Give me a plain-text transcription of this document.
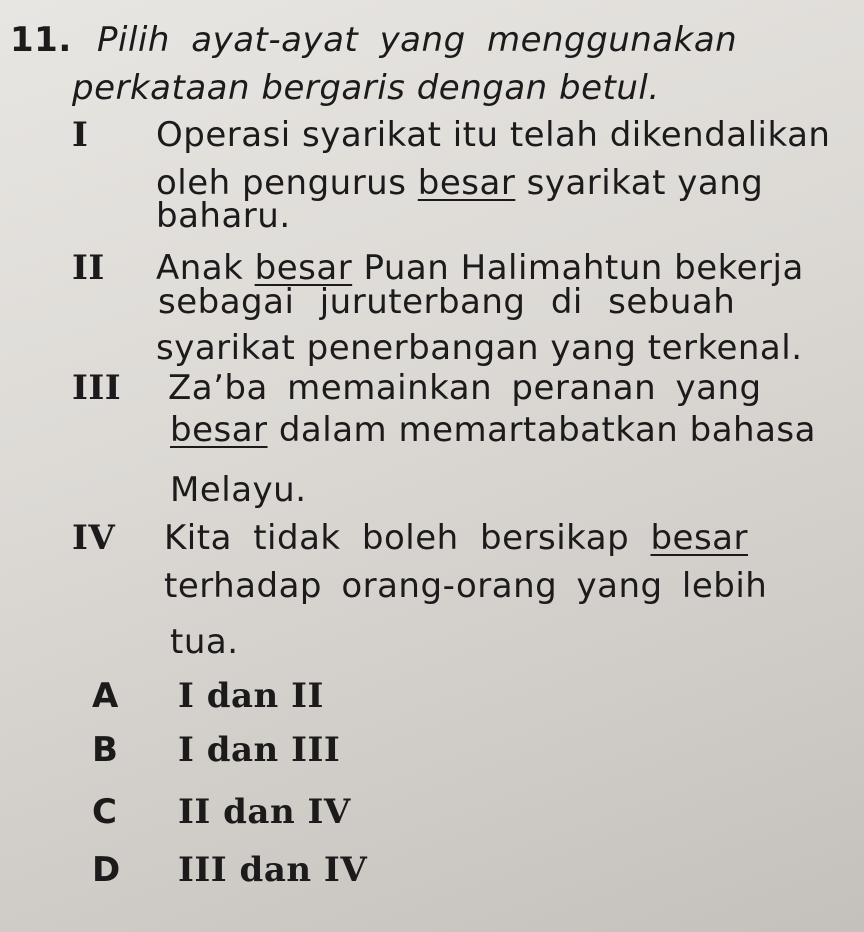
11. Pilih ayat-ayat yang menggunakan
perkataan bergaris dengan betul.
I Operasi syarikat itu telah dikendalikan
oleh pengurus besar syarikat yang
baharu.
II Anak besar Puan Halimahtun bekerja
sebagai juruterbang di sebuah
syarikat penerbangan yang terkenal.
III Za’ba memainkan peranan yang
besar dalam memartabatkan bahasa
Melayu.
IV Kita tidak boleh bersikap besar
terhadap orang-orang yang lebih
tua.
A I dan II
B I dan III
C II dan IV
D III dan IV
